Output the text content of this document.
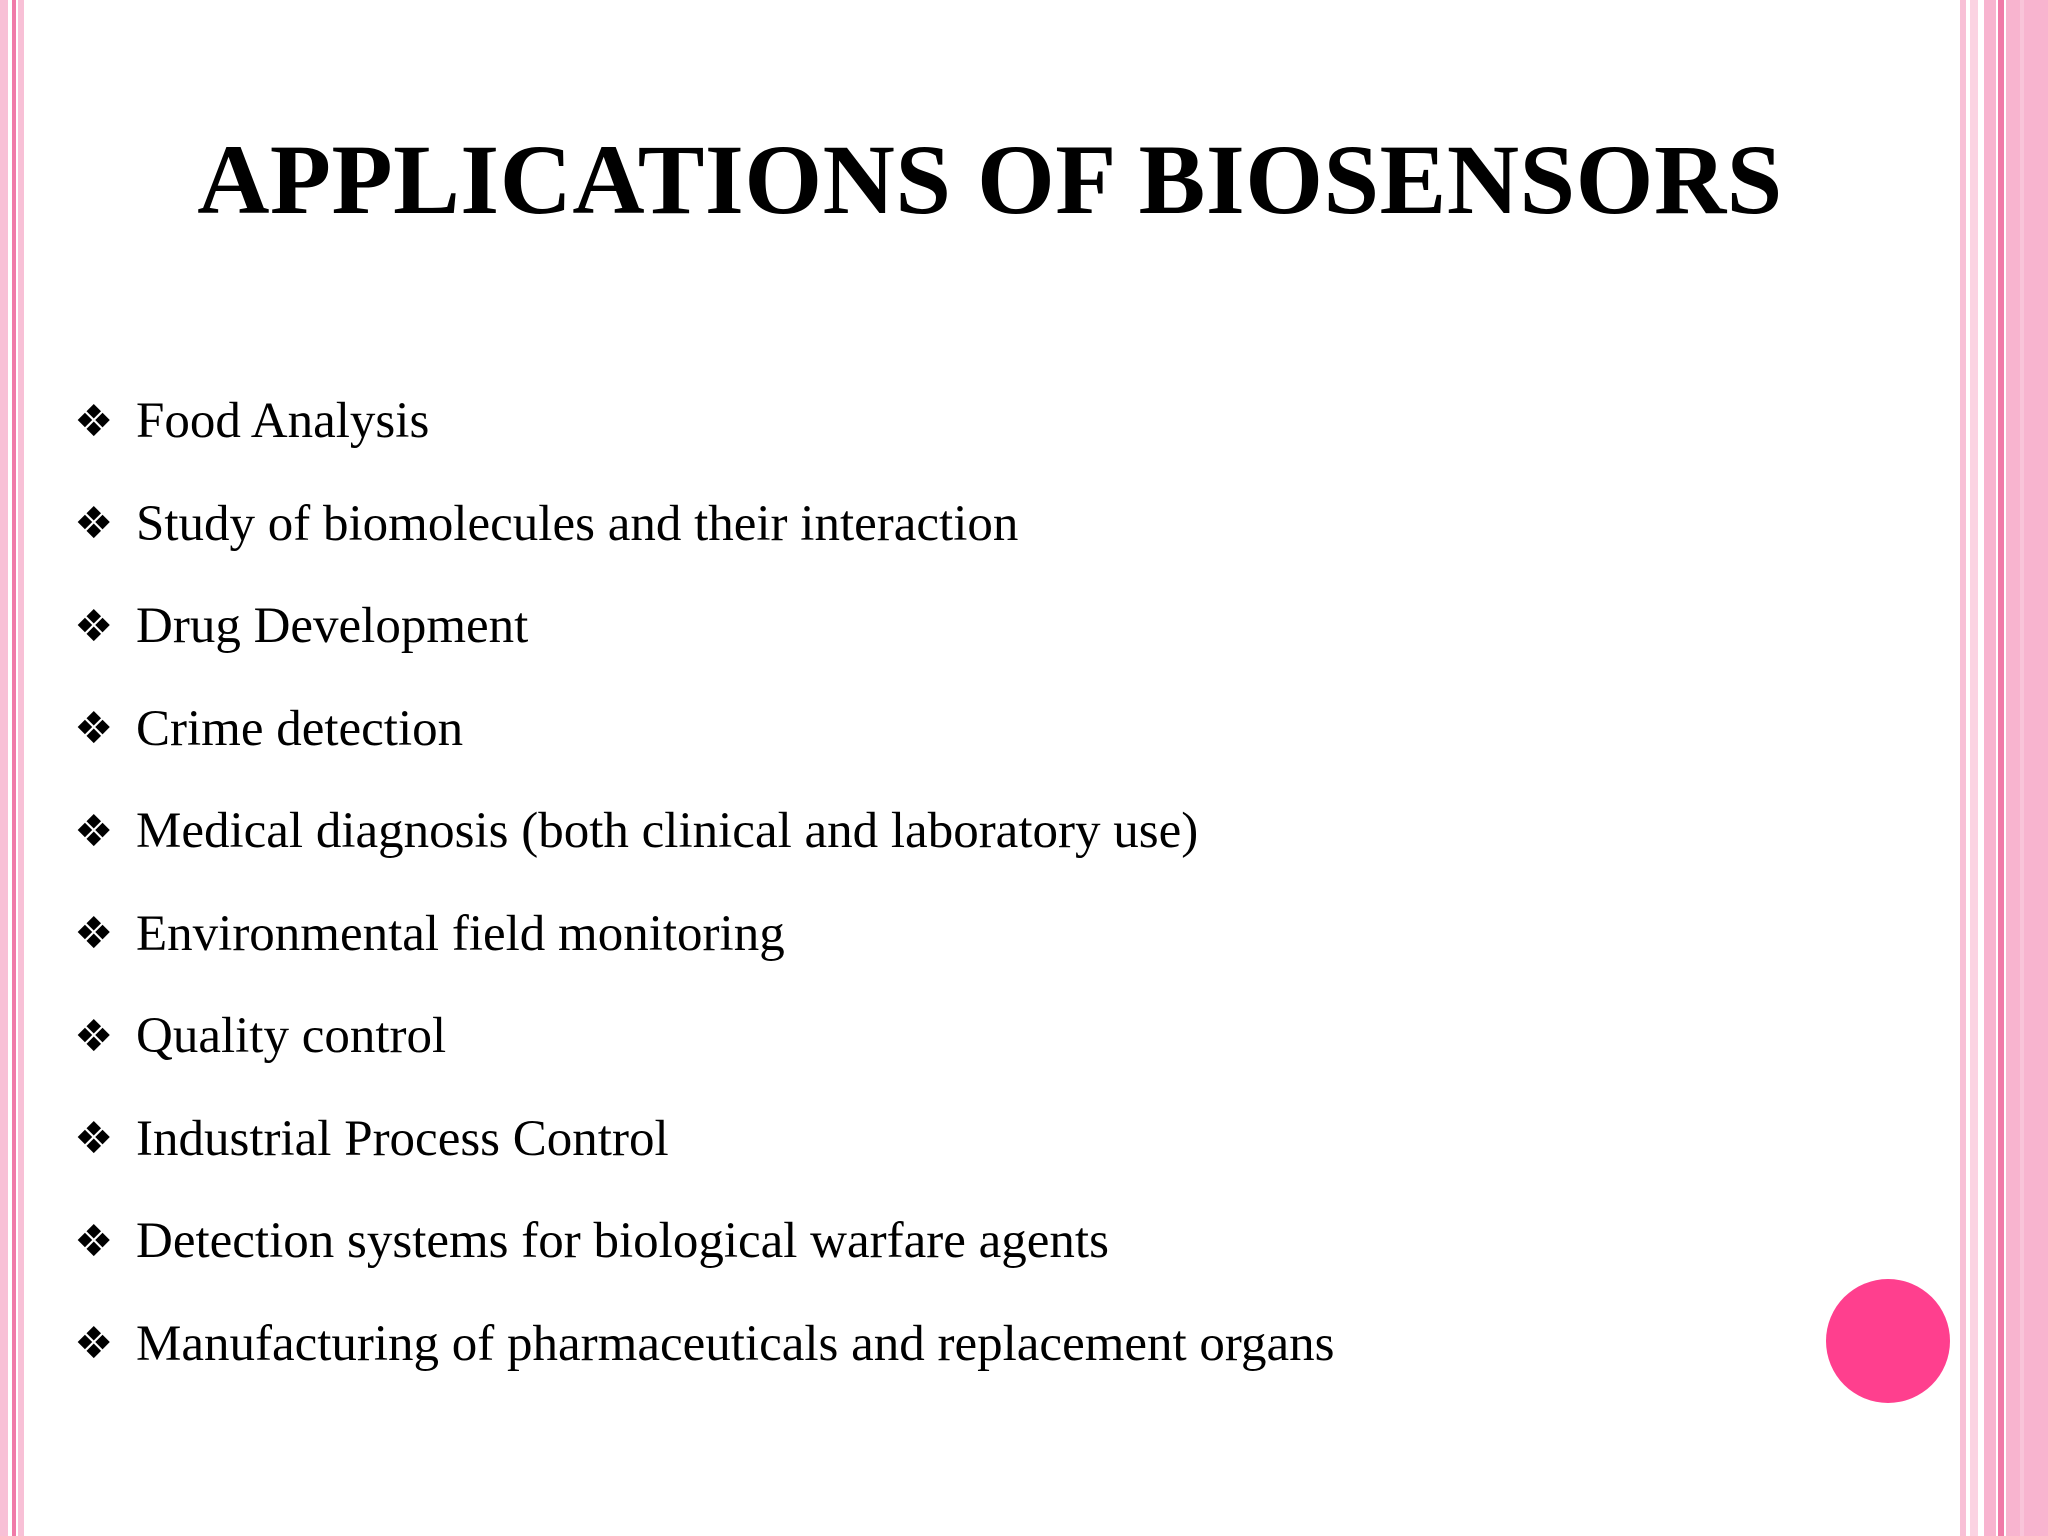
APPLICATIONS OF BIOSENSORS
❖ Food Analysis
❖ Study of biomolecules and their interaction
❖ Drug Development
❖ Crime detection
❖ Medical diagnosis (both clinical and laboratory use)
❖ Environmental field monitoring
❖ Quality control
❖ Industrial Process Control
❖ Detection systems for biological warfare agents
❖ Manufacturing of pharmaceuticals and replacement organs
